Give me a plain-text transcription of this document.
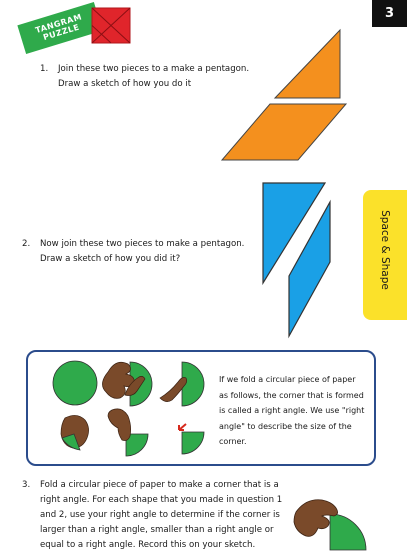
3
TANGRAM PUZZLE
Space & Shape
1. Join these two pieces to a make a pentagon.
Draw a sketch of how you do it
2. Now join these two pieces to make a pentagon.
Draw a sketch of how you did it?
If we fold a circular piece of paper
as follows, the corner that is formed
is called a right angle. We use "right
angle" to describe the size of the
corner.
3. Fold a circular piece of paper to make a corner that is a
right angle. For each shape that you made in question 1
and 2, use your right angle to determine if the corner is
larger than a right angle, smaller than a right angle or
equal to a right angle. Record this on your sketch.
